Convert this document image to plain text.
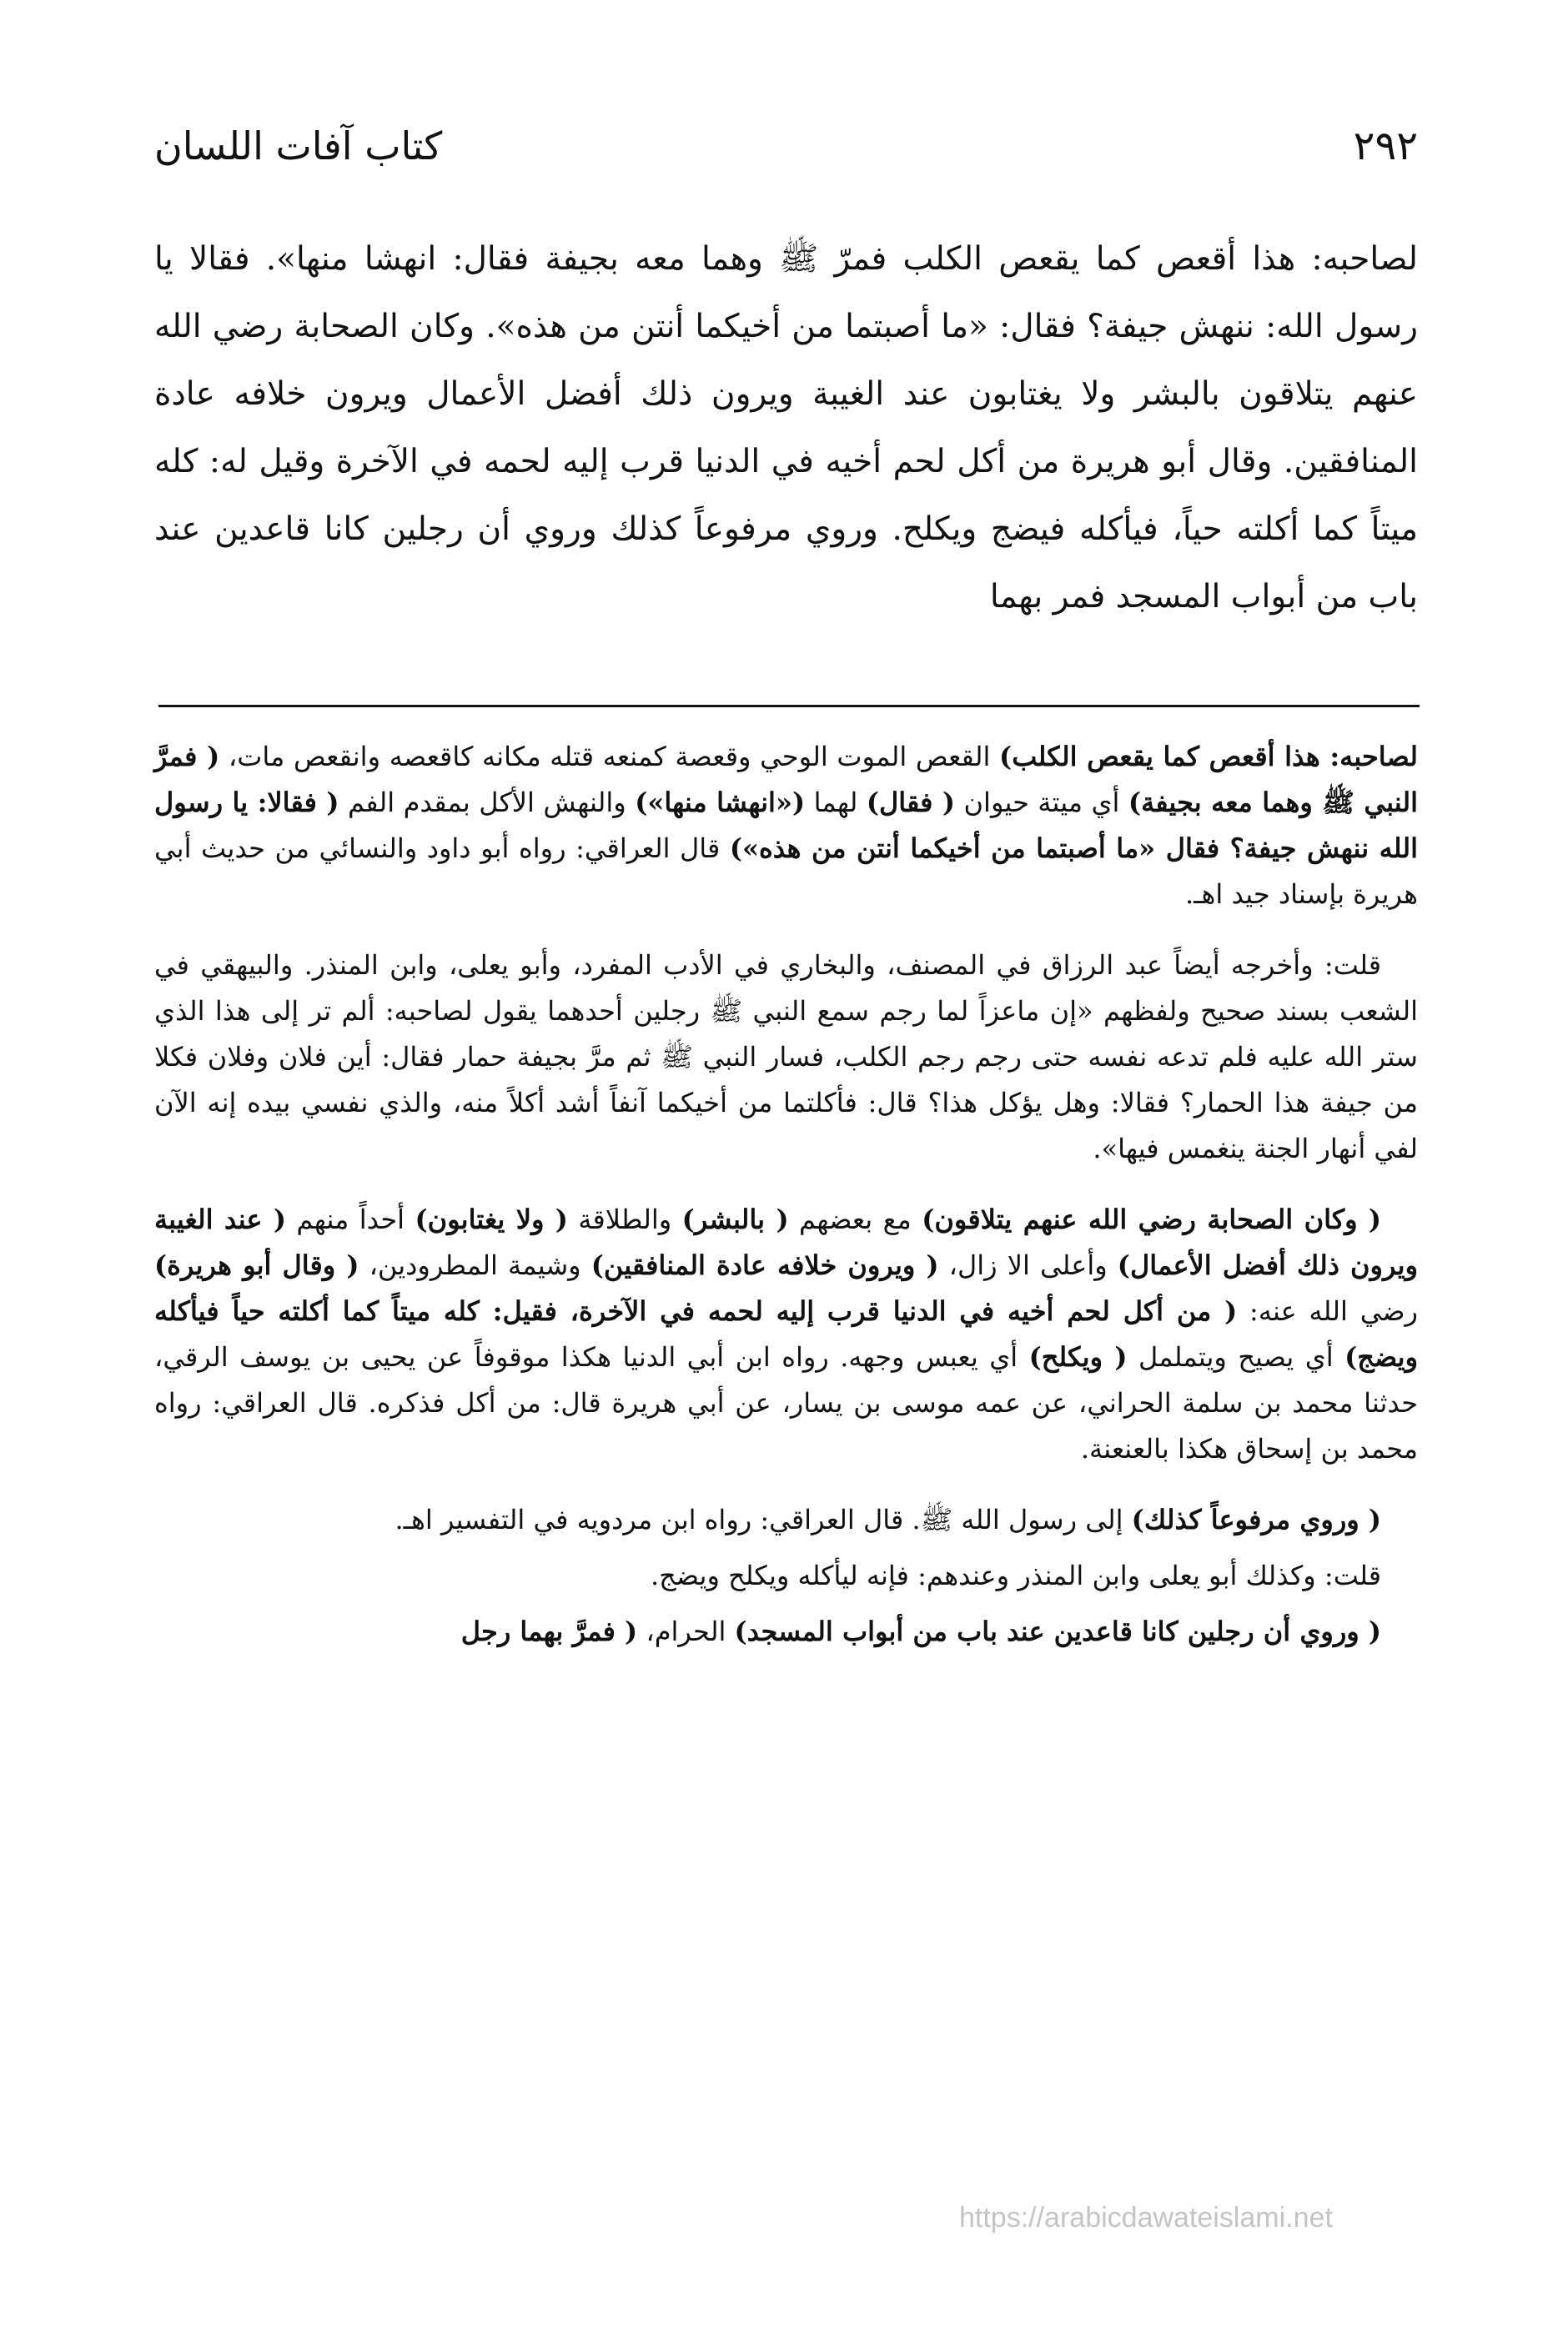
٢٩٢
كتاب آفات اللسان

لصاحبه: هذا أقعص كما يقعص الكلب فمرّ ﷺ وهما معه بجيفة فقال: انهشا منها». فقالا يا رسول الله: ننهش جيفة؟ فقال: «ما أصبتما من أخيكما أنتن من هذه». وكان الصحابة رضي الله عنهم يتلاقون بالبشر ولا يغتابون عند الغيبة ويرون ذلك أفضل الأعمال ويرون خلافه عادة المنافقين. وقال أبو هريرة من أكل لحم أخيه في الدنيا قرب إليه لحمه في الآخرة وقيل له: كله ميتاً كما أكلته حياً، فيأكله فيضج ويكلح. وروي مرفوعاً كذلك وروي أن رجلين كانا قاعدين عند باب من أبواب المسجد فمر بهما

لصاحبه: هذا أقعص كما يقعص الكلب) القعص الموت الوحي وقعصة كمنعه قتله مكانه كاقعصه وانقعص مات، ( فمرَّ النبي ﷺ وهما معه بجيفة) أي ميتة حيوان ( فقال) لهما («انهشا منها») والنهش الأكل بمقدم الفم ( فقالا: يا رسول الله ننهش جيفة؟ فقال «ما أصبتما من أخيكما أنتن من هذه») قال العراقي: رواه أبو داود والنسائي من حديث أبي هريرة بإسناد جيد اهـ.

قلت: وأخرجه أيضاً عبد الرزاق في المصنف، والبخاري في الأدب المفرد، وأبو يعلى، وابن المنذر. والبيهقي في الشعب بسند صحيح ولفظهم «إن ماعزاً لما رجم سمع النبي ﷺ رجلين أحدهما يقول لصاحبه: ألم تر إلى هذا الذي ستر الله عليه فلم تدعه نفسه حتى رجم رجم الكلب، فسار النبي ﷺ ثم مرَّ بجيفة حمار فقال: أين فلان وفلان فكلا من جيفة هذا الحمار؟ فقالا: وهل يؤكل هذا؟ قال: فأكلتما من أخيكما آنفاً أشد أكلاً منه، والذي نفسي بيده إنه الآن لفي أنهار الجنة ينغمس فيها».

( وكان الصحابة رضي الله عنهم يتلاقون) مع بعضهم ( بالبشر) والطلاقة ( ولا يغتابون) أحداً منهم ( عند الغيبة ويرون ذلك أفضل الأعمال) وأعلى الا زال، ( ويرون خلافه عادة المنافقين) وشيمة المطرودين، ( وقال أبو هريرة) رضي الله عنه: ( من أكل لحم أخيه في الدنيا قرب إليه لحمه في الآخرة، فقيل: كله ميتاً كما أكلته حياً فيأكله ويضج) أي يصيح ويتململ ( ويكلح) أي يعبس وجهه. رواه ابن أبي الدنيا هكذا موقوفاً عن يحيى بن يوسف الرقي، حدثنا محمد بن سلمة الحراني، عن عمه موسى بن يسار، عن أبي هريرة قال: من أكل فذكره. قال العراقي: رواه محمد بن إسحاق هكذا بالعنعنة.

( وروي مرفوعاً كذلك) إلى رسول الله ﷺ. قال العراقي: رواه ابن مردويه في التفسير اهـ.

قلت: وكذلك أبو يعلى وابن المنذر وعندهم: فإنه ليأكله ويكلح ويضج.

( وروي أن رجلين كانا قاعدين عند باب من أبواب المسجد) الحرام، ( فمرَّ بهما رجل

https://arabicdawateislami.net
